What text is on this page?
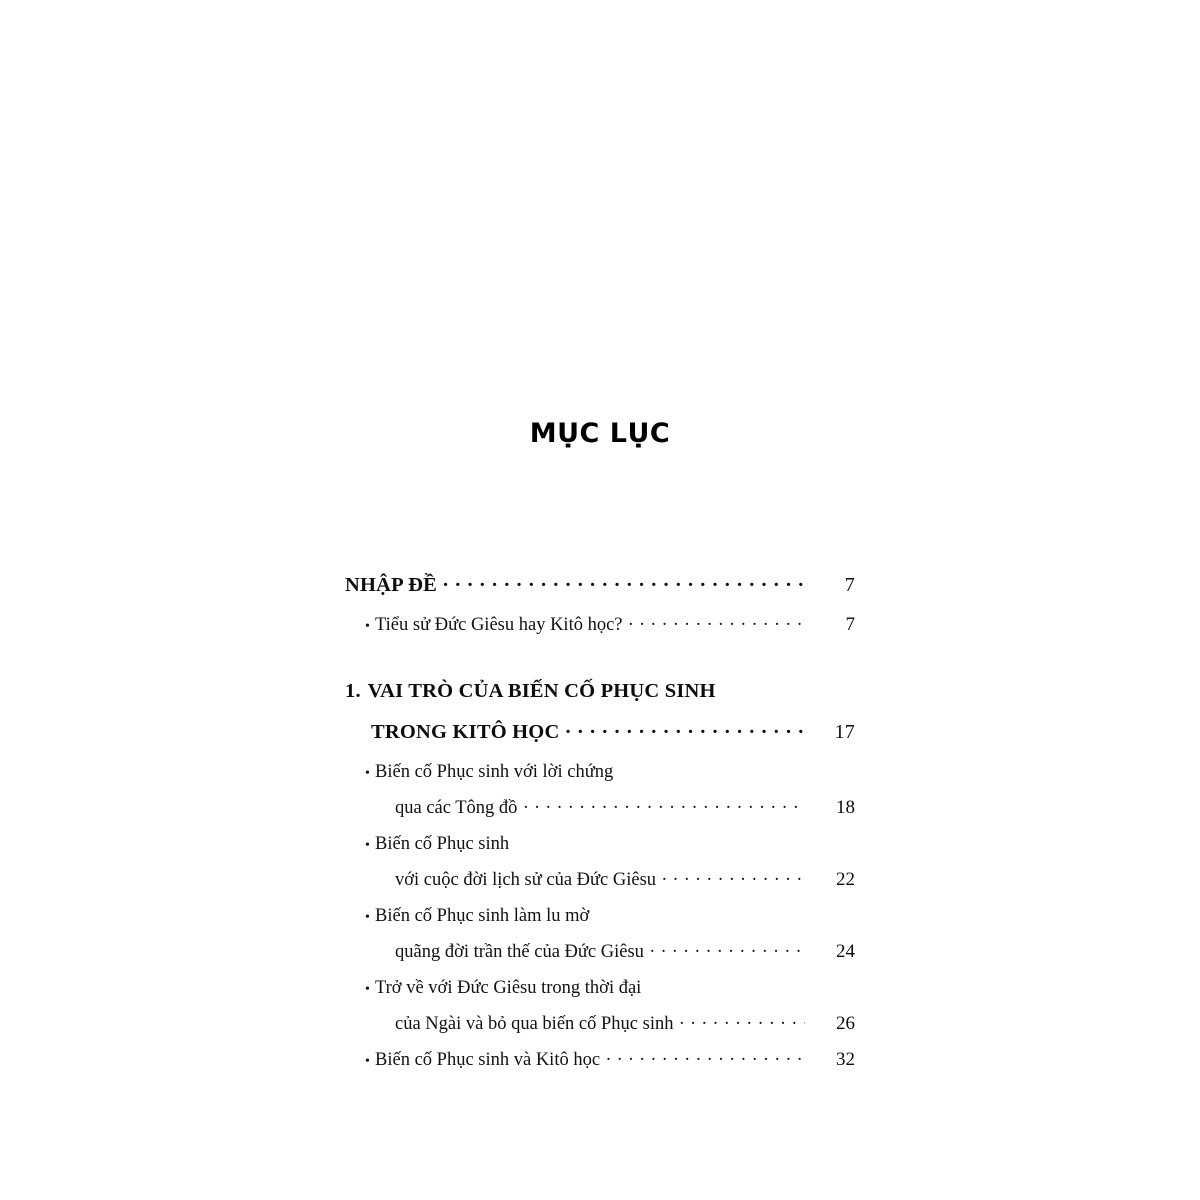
MỤC LỤC
NHẬP ĐỀ . . .	7
• Tiểu sử Đức Giêsu hay Kitô học? . . .	7
1. VAI TRÒ CỦA BIẾN CỐ PHỤC SINH
TRONG KITÔ HỌC . . .	17
• Biến cố Phục sinh với lời chứng
qua các Tông đồ . . .	18
• Biến cố Phục sinh
với cuộc đời lịch sử của Đức Giêsu . . .	22
• Biến cố Phục sinh làm lu mờ
quãng đời trần thế của Đức Giêsu . . .	24
• Trở về với Đức Giêsu trong thời đại
của Ngài và bỏ qua biến cố Phục sinh . . .	26
• Biến cố Phục sinh và Kitô học . . .	32
